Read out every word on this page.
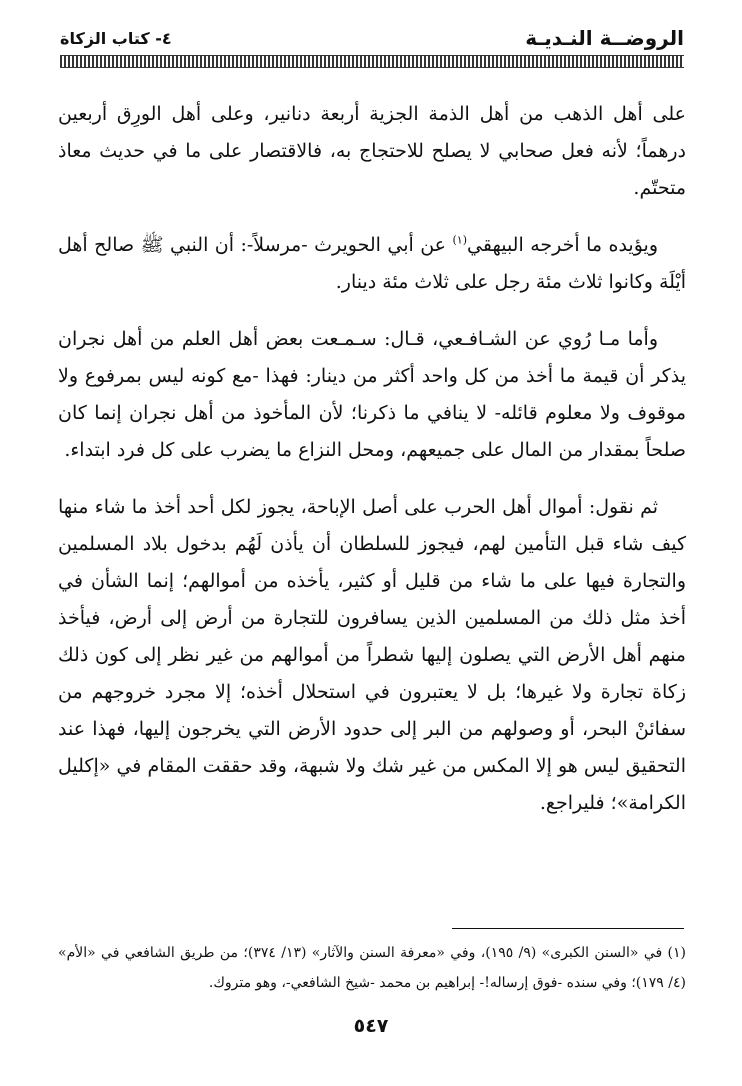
الروضــة النـديـة
٤- كتاب الزكاة

على أهل الذهب من أهل الذمة الجزية أربعة دنانير، وعلى أهل الورِق أربعين درهماً؛ لأنه فعل صحابي لا يصلح للاحتجاج به، فالاقتصار على ما في حديث معاذ متحتّم.

ويؤيده ما أخرجه البيهقي$^{(١)}$ عن أبي الحويرث -مرسلاً-: أن النبي ﷺ صالح أهل أيْلَة وكانوا ثلاث مئة رجل على ثلاث مئة دينار.

وأما مـا رُوي عن الشـافـعي، قـال: سـمـعت بعض أهل العلم من أهل نجران يذكر أن قيمة ما أخذ من كل واحد أكثر من دينار: فهذا -مع كونه ليس بمرفوع ولا موقوف ولا معلوم قائله- لا ينافي ما ذكرنا؛ لأن المأخوذ من أهل نجران إنما كان صلحاً بمقدار من المال على جميعهم، ومحل النزاع ما يضرب على كل فرد ابتداء.

ثم نقول: أموال أهل الحرب على أصل الإباحة، يجوز لكل أحد أخذ ما شاء منها كيف شاء قبل التأمين لهم، فيجوز للسلطان أن يأذن لَهُم بدخول بلاد المسلمين والتجارة فيها على ما شاء من قليل أو كثير، يأخذه من أموالهم؛ إنما الشأن في أخذ مثل ذلك من المسلمين الذين يسافرون للتجارة من أرض إلى أرض، فيأخذ منهم أهل الأرض التي يصلون إليها شطراً من أموالهم من غير نظر إلى كون ذلك زكاة تجارة ولا غيرها؛ بل لا يعتبرون في استحلال أخذه؛ إلا مجرد خروجهم من سفائنْ البحر، أو وصولهم من البر إلى حدود الأرض التي يخرجون إليها، فهذا عند التحقيق ليس هو إلا المكس من غير شك ولا شبهة، وقد حققت المقام في «إكليل الكرامة»؛ فليراجع.

(١) في «السنن الكبرى» (٩/ ١٩٥)، وفي «معرفة السنن والآثار» (١٣/ ٣٧٤)؛ من طريق الشافعي في «الأم» (٤/ ١٧٩)؛ وفي سنده -فوق إرساله!- إبراهيم بن محمد -شيخ الشافعي-، وهو متروك.
٥٤٧
